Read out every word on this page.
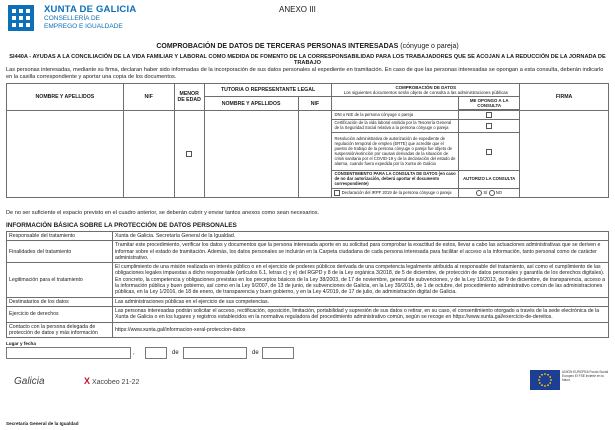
XUNTA DE GALICIA
CONSELLERÍA DE
EMPREGO E IGUALDADE
ANEXO III
COMPROBACIÓN DE DATOS DE TERCERAS PERSONAS INTERESADAS (cónyuge o pareja)
SI440A - AYUDAS A LA CONCILIACIÓN DE LA VIDA FAMILIAR Y LABORAL COMO MEDIDA DE FOMENTO DE LA CORRESPONSABILIDAD PARA LOS TRABAJADORES QUE SE ACOJAN A LA REDUCCIÓN DE LA JORNADA DE TRABAJO
Las personas interesadas, mediante su firma, declaran haber sido informadas de la incorporación de sus datos personales al expediente en tramitación. En caso de que las personas interesadas se opongan a esta consulta, deberán indicarlo en la casilla correspondiente y aportar una copia de los documentos.
NOMBRE Y APELLIDOS	NIF	MENOR DE EDAD	TUTOR/A O REPRESENTANTE LEGAL		COMPROBACIÓN DE DATOS
Los siguientes documentos serán objeto de consulta a las administraciones públicas		FIRMA
			NOMBRE Y APELLIDOS	NIF		ME OPONGO A LA CONSULTA	

					DNI o NIE de la persona cónyuge o pareja		
					Certificación de la vida laboral emitida por la Tesorería General de la Seguridad Social relativa a la persona cónyuge o pareja		
					Resolución administrativa de autorización de expediente de regulación temporal de empleo (ERTE) que acredite que el puesto de trabajo de la persona cónyuge o pareja fue objeto de suspensión/extinción por causas derivadas de la situación de crisis sanitaria por el COVID-19 y de la declaración del estado de alarma, cuando fuera expedida por la Xunta de Galicia		
					CONSENTIMIENTO PARA LA CONSULTA DE DATOS (en caso de no dar autorización, deberá aportar el documento correspondiente)	AUTORIZO LA CONSULTA	
					Declaración del IRPF 2019 de la persona cónyuge o pareja	SÍ NO	
De no ser suficiente el espacio previsto en el cuadro anterior, se deberán cubrir y enviar tantos anexos como sean necesarios.
INFORMACIÓN BÁSICA SOBRE LA PROTECCIÓN DE DATOS PERSONALES
Responsable del tratamiento	Xunta de Galicia. Secretaría General de la Igualdad.
Finalidades del tratamiento	Tramitar este procedimiento, verificar los datos y documentos que la persona interesada aporte en su solicitud para comprobar la exactitud de estos, llevar a cabo las actuaciones administrativas que se deriven e informar sobre el estado de tramitación. Además, los datos personales se incluirán en la Carpeta ciudadana de cada persona interesada para facilitar el acceso a la información, tanto personal como de carácter administrativo.
Legitimación para el tratamiento	El cumplimiento de una misión realizada en interés público o en el ejercicio de poderes públicos derivada de una competencia legalmente atribuida al responsable del tratamiento, así como el cumplimiento de las obligaciones legales impuestas a dicho responsable (artículos 6.1, letras c) y e) del RGPD y 8 de la Ley orgánica 3/2018, de 5 de diciembre, de protección de datos personales y garantía de los derechos digitales). En concreto, la competencia y obligaciones previstas en los preceptos básicos de la Ley 38/2003, de 17 de noviembre, general de subvenciones, y de la Ley 19/2013, de 9 de diciembre, de transparencia, acceso a la información pública y buen gobierno, así como en la Ley 9/2007, de 13 de junio, de subvenciones de Galicia, en la Ley 39/2015, de 1 de octubre, del procedimiento administrativo común de las administraciones públicas, en la Ley 1/2016, de 18 de enero, de transparencia y buen gobierno, y en la Ley 4/2019, de 17 de julio, de administración digital de Galicia.
Destinatarios de los datos	Las administraciones públicas en el ejercicio de sus competencias.
Ejercicio de derechos	Las personas interesadas podrán solicitar el acceso, rectificación, oposición, limitación, portabilidad y supresión de sus datos o retirar, en su caso, el consentimiento otorgado a través de la sede electrónica de la Xunta de Galicia o en los lugares y registros establecidos en la normativa reguladora del procedimiento administrativo común, según se recoge en https://www.xunta.gal/exercicio-de-dereitos.
Contacto con la persona delegada de protección de datos y más información	https://www.xunta.gal/informacion-xeral-proteccion-datos
Lugar y fecha
,	de	de
Galicia	X Xacobeo 21-22
UNIÓN EUROPEA Fondo Social Europeo El FSE invierte en tu futuro
Secretaría General de la Igualdad
